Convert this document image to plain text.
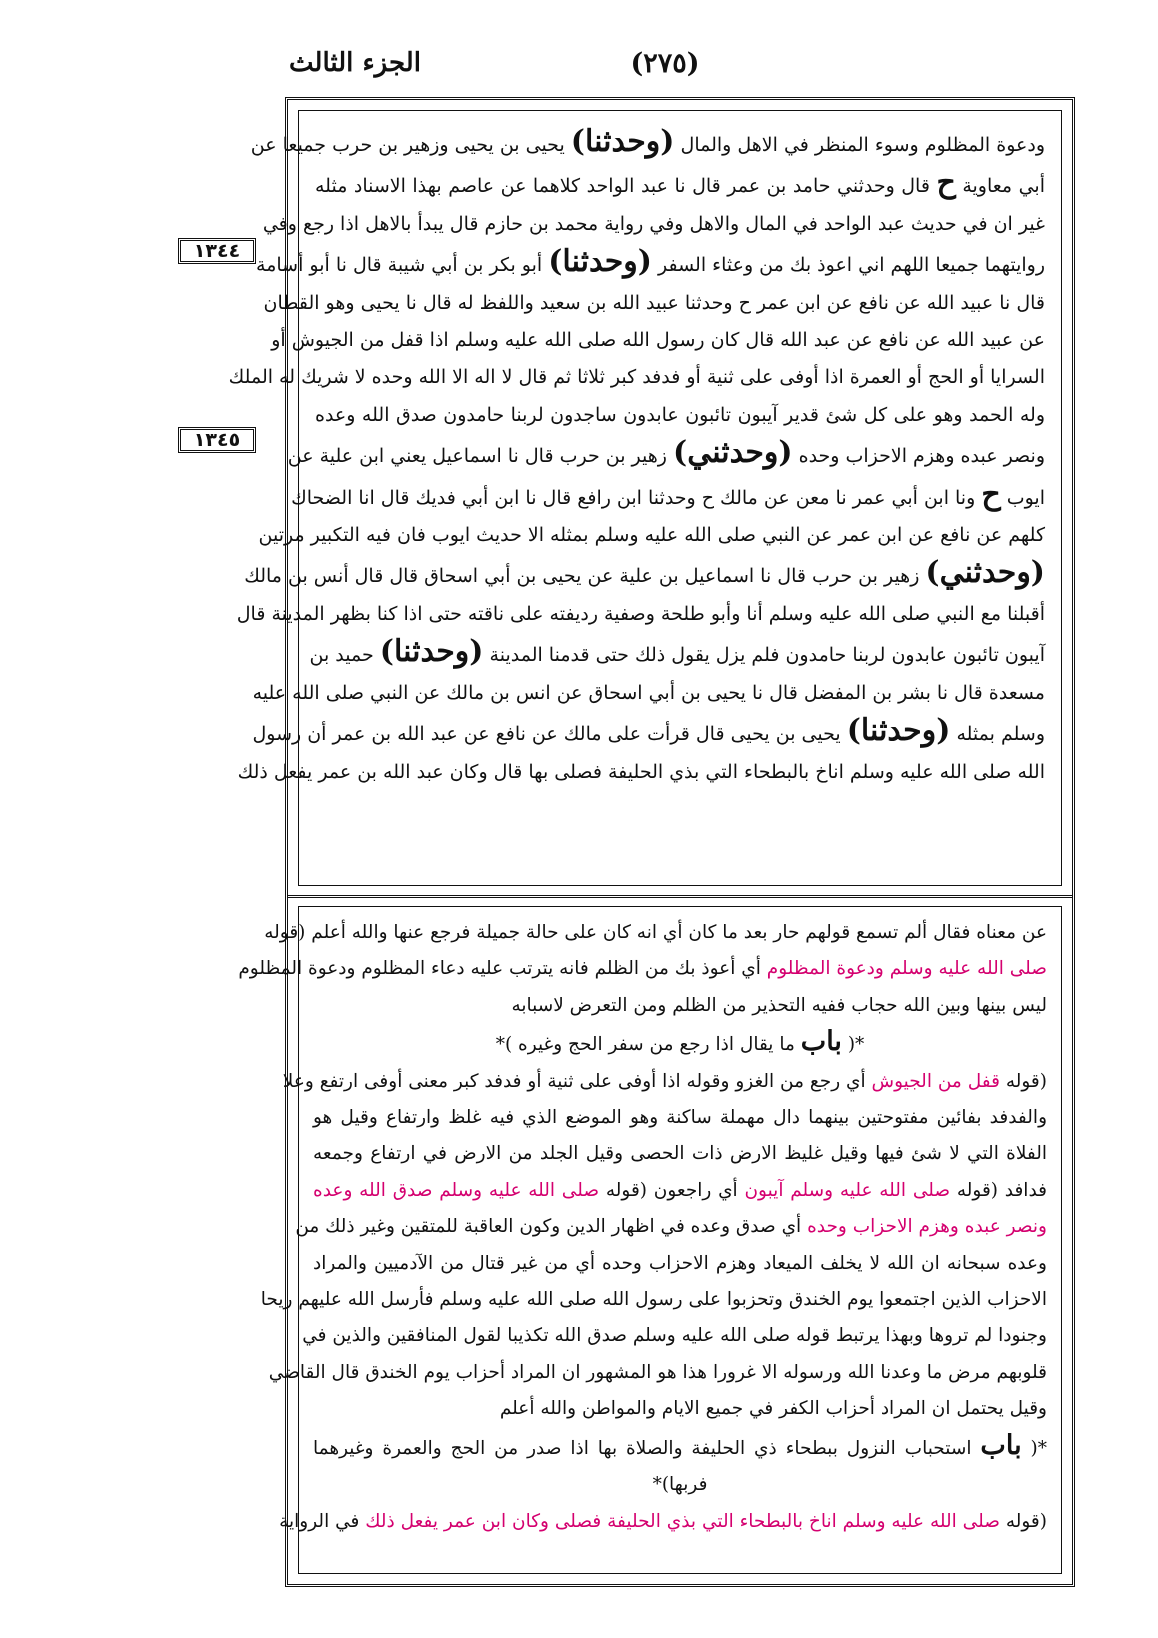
الجزء الثالث	(٢٧٥)
١٣٤٤
١٣٤٥
ودعوة المظلوم وسوء المنظر في الاهل والمال (وحدثنا) يحيى بن يحيى وزهير بن حرب جميعا عن
أبي معاوية ح قال وحدثني حامد بن عمر قال نا عبد الواحد كلاهما عن عاصم بهذا الاسناد مثله
غير ان في حديث عبد الواحد في المال والاهل وفي رواية محمد بن حازم قال يبدأ بالاهل اذا رجع وفي
روايتهما جميعا اللهم اني اعوذ بك من وعثاء السفر (وحدثنا) أبو بكر بن أبي شيبة قال نا أبو أسامة
قال نا عبيد الله عن نافع عن ابن عمر ح وحدثنا عبيد الله بن سعيد واللفظ له قال نا يحيى وهو القطان
عن عبيد الله عن نافع عن عبد الله قال كان رسول الله صلى الله عليه وسلم اذا قفل من الجيوش أو
السرايا أو الحج أو العمرة اذا أوفى على ثنية أو فدفد كبر ثلاثا ثم قال لا اله الا الله وحده لا شريك له الملك
وله الحمد وهو على كل شئ قدير آيبون تائبون عابدون ساجدون لربنا حامدون صدق الله وعده
ونصر عبده وهزم الاحزاب وحده (وحدثني) زهير بن حرب قال نا اسماعيل يعني ابن علية عن
ايوب ح ونا ابن أبي عمر نا معن عن مالك ح وحدثنا ابن رافع قال نا ابن أبي فديك قال انا الضحاك
كلهم عن نافع عن ابن عمر عن النبي صلى الله عليه وسلم بمثله الا حديث ايوب فان فيه التكبير مرتين
(وحدثني) زهير بن حرب قال نا اسماعيل بن علية عن يحيى بن أبي اسحاق قال قال أنس بن مالك
أقبلنا مع النبي صلى الله عليه وسلم أنا وأبو طلحة وصفية رديفته على ناقته حتى اذا كنا بظهر المدينة قال
آيبون تائبون عابدون لربنا حامدون فلم يزل يقول ذلك حتى قدمنا المدينة (وحدثنا) حميد بن
مسعدة قال نا بشر بن المفضل قال نا يحيى بن أبي اسحاق عن انس بن مالك عن النبي صلى الله عليه
وسلم بمثله (وحدثنا) يحيى بن يحيى قال قرأت على مالك عن نافع عن عبد الله بن عمر أن رسول
الله صلى الله عليه وسلم اناخ بالبطحاء التي بذي الحليفة فصلى بها قال وكان عبد الله بن عمر يفعل ذلك
عن معناه فقال ألم تسمع قولهم حار بعد ما كان أي انه كان على حالة جميلة فرجع عنها والله أعلم (قوله
صلى الله عليه وسلم ودعوة المظلوم أي أعوذ بك من الظلم فانه يترتب عليه دعاء المظلوم ودعوة المظلوم
ليس بينها وبين الله حجاب ففيه التحذير من الظلم ومن التعرض لاسبابه
*( باب ما يقال اذا رجع من سفر الحج وغيره )*
(قوله قفل من الجيوش أي رجع من الغزو وقوله اذا أوفى على ثنية أو فدفد كبر معنى أوفى ارتفع وعلا
والفدفد بفائين مفتوحتين بينهما دال مهملة ساكنة وهو الموضع الذي فيه غلظ وارتفاع وقيل هو
الفلاة التي لا شئ فيها وقيل غليظ الارض ذات الحصى وقيل الجلد من الارض في ارتفاع وجمعه
فدافد (قوله صلى الله عليه وسلم آيبون أي راجعون (قوله صلى الله عليه وسلم صدق الله وعده
ونصر عبده وهزم الاحزاب وحده أي صدق وعده في اظهار الدين وكون العاقبة للمتقين وغير ذلك من
وعده سبحانه ان الله لا يخلف الميعاد وهزم الاحزاب وحده أي من غير قتال من الآدميين والمراد
الاحزاب الذين اجتمعوا يوم الخندق وتحزبوا على رسول الله صلى الله عليه وسلم فأرسل الله عليهم ريحا
وجنودا لم تروها وبهذا يرتبط قوله صلى الله عليه وسلم صدق الله تكذيبا لقول المنافقين والذين في
قلوبهم مرض ما وعدنا الله ورسوله الا غرورا هذا هو المشهور ان المراد أحزاب يوم الخندق قال القاضي
وقيل يحتمل ان المراد أحزاب الكفر في جميع الايام والمواطن والله أعلم
*( باب استحباب النزول ببطحاء ذي الحليفة والصلاة بها اذا صدر من الحج والعمرة وغيرهما
فربها)*
(قوله صلى الله عليه وسلم اناخ بالبطحاء التي بذي الحليفة فصلى وكان ابن عمر يفعل ذلك في الرواية
